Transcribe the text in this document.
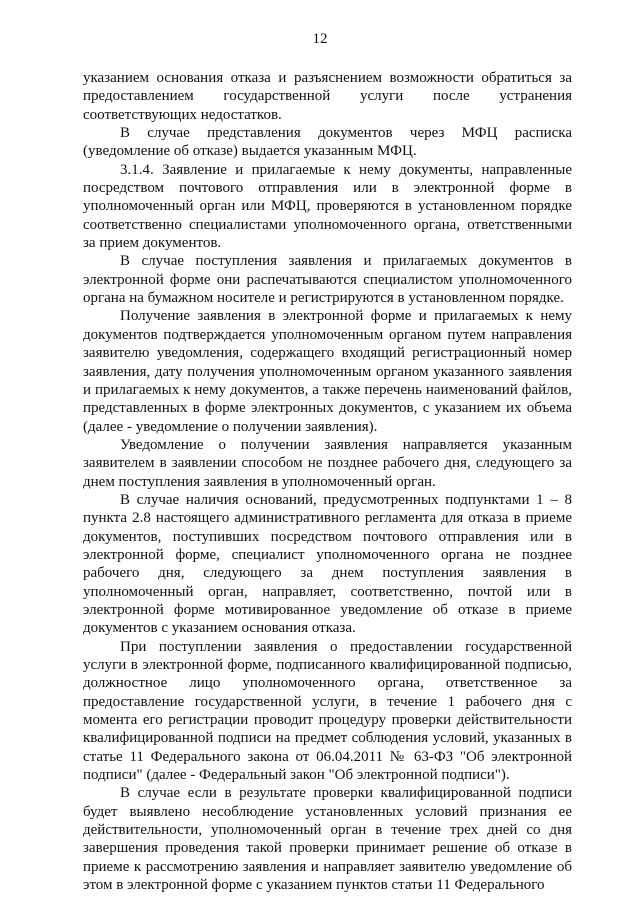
12

указанием основания отказа и разъяснением возможности обратиться за предоставлением государственной услуги после устранения соответствующих недостатков.

В случае представления документов через МФЦ расписка (уведомление об отказе) выдается указанным МФЦ.

3.1.4. Заявление и прилагаемые к нему документы, направленные посредством почтового отправления или в электронной форме в уполномоченный орган или МФЦ, проверяются в установленном порядке соответственно специалистами уполномоченного органа, ответственными за прием документов.

В случае поступления заявления и прилагаемых документов в электронной форме они распечатываются специалистом уполномоченного органа на бумажном носителе и регистрируются в установленном порядке.

Получение заявления в электронной форме и прилагаемых к нему документов подтверждается уполномоченным органом путем направления заявителю уведомления, содержащего входящий регистрационный номер заявления, дату получения уполномоченным органом указанного заявления и прилагаемых к нему документов, а также перечень наименований файлов, представленных в форме электронных документов, с указанием их объема (далее - уведомление о получении заявления).

Уведомление о получении заявления направляется указанным заявителем в заявлении способом не позднее рабочего дня, следующего за днем поступления заявления в уполномоченный орган.

В случае наличия оснований, предусмотренных подпунктами 1 – 8 пункта 2.8 настоящего административного регламента для отказа в приеме документов, поступивших посредством почтового отправления или в электронной форме, специалист уполномоченного органа не позднее рабочего дня, следующего за днем поступления заявления в уполномоченный орган, направляет, соответственно, почтой или в электронной форме мотивированное уведомление об отказе в приеме документов с указанием основания отказа.

При поступлении заявления о предоставлении государственной услуги в электронной форме, подписанного квалифицированной подписью, должностное лицо уполномоченного органа, ответственное за предоставление государственной услуги, в течение 1 рабочего дня с момента его регистрации проводит процедуру проверки действительности квалифицированной подписи на предмет соблюдения условий, указанных в статье 11 Федерального закона от 06.04.2011 № 63-ФЗ "Об электронной подписи" (далее - Федеральный закон "Об электронной подписи").

В случае если в результате проверки квалифицированной подписи будет выявлено несоблюдение установленных условий признания ее действительности, уполномоченный орган в течение трех дней со дня завершения проведения такой проверки принимает решение об отказе в приеме к рассмотрению заявления и направляет заявителю уведомление об этом в электронной форме с указанием пунктов статьи 11 Федерального
